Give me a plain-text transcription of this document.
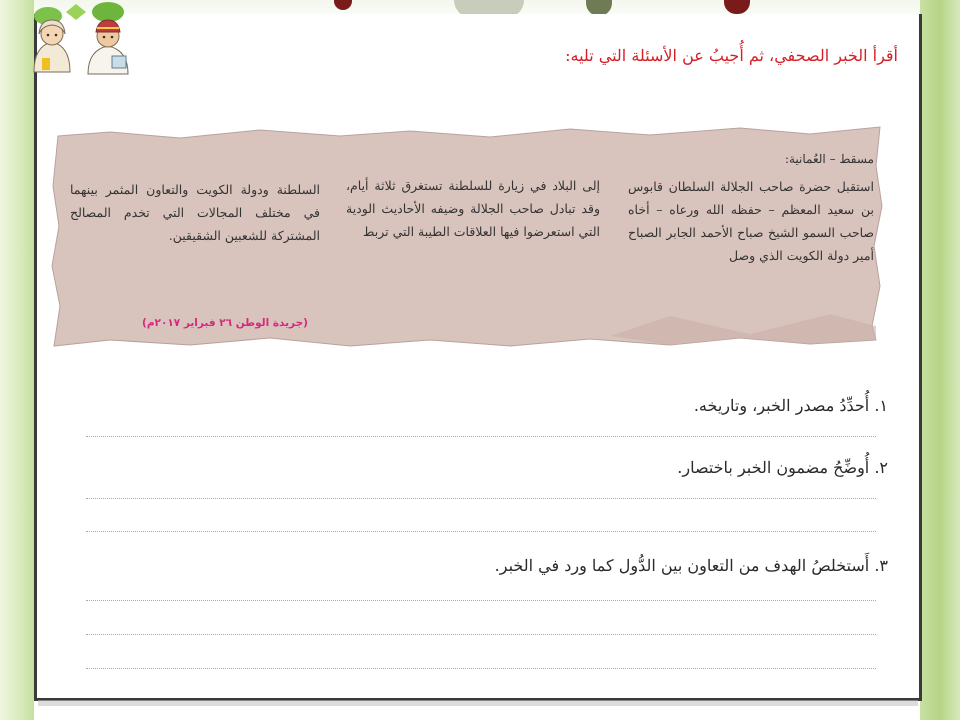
أقرأ الخبر الصحفي، ثم أُجيبُ عن الأسئلة التي تليه:
مسقط – العُمانية:
استقبل حضرة صاحب الجلالة السلطان قابوس بن سعيد المعظم – حفظه الله ورعاه – أخاه صاحب السمو الشيخ صباح الأحمد الجابر الصباح أمير دولة الكويت الذي وصل
إلى البلاد في زيارة للسلطنة تستغرق ثلاثة أيام، وقد تبادل صاحب الجلالة وضيفه الأحاديث الودية التي استعرضوا فيها العلاقات الطيبة التي تربط
السلطنة ودولة الكويت والتعاون المثمر بينهما في مختلف المجالات التي تخدم المصالح المشتركة للشعبين الشقيقين.
(جريدة الوطن ٢٦ فبراير ٢٠١٧م)
١. أُحدِّدُ مصدر الخبر، وتاريخه.
٢. أُوضِّحُ مضمون الخبر باختصار.
٣. أَستخلصُ الهدف من التعاون بين الدُّول كما ورد في الخبر.
